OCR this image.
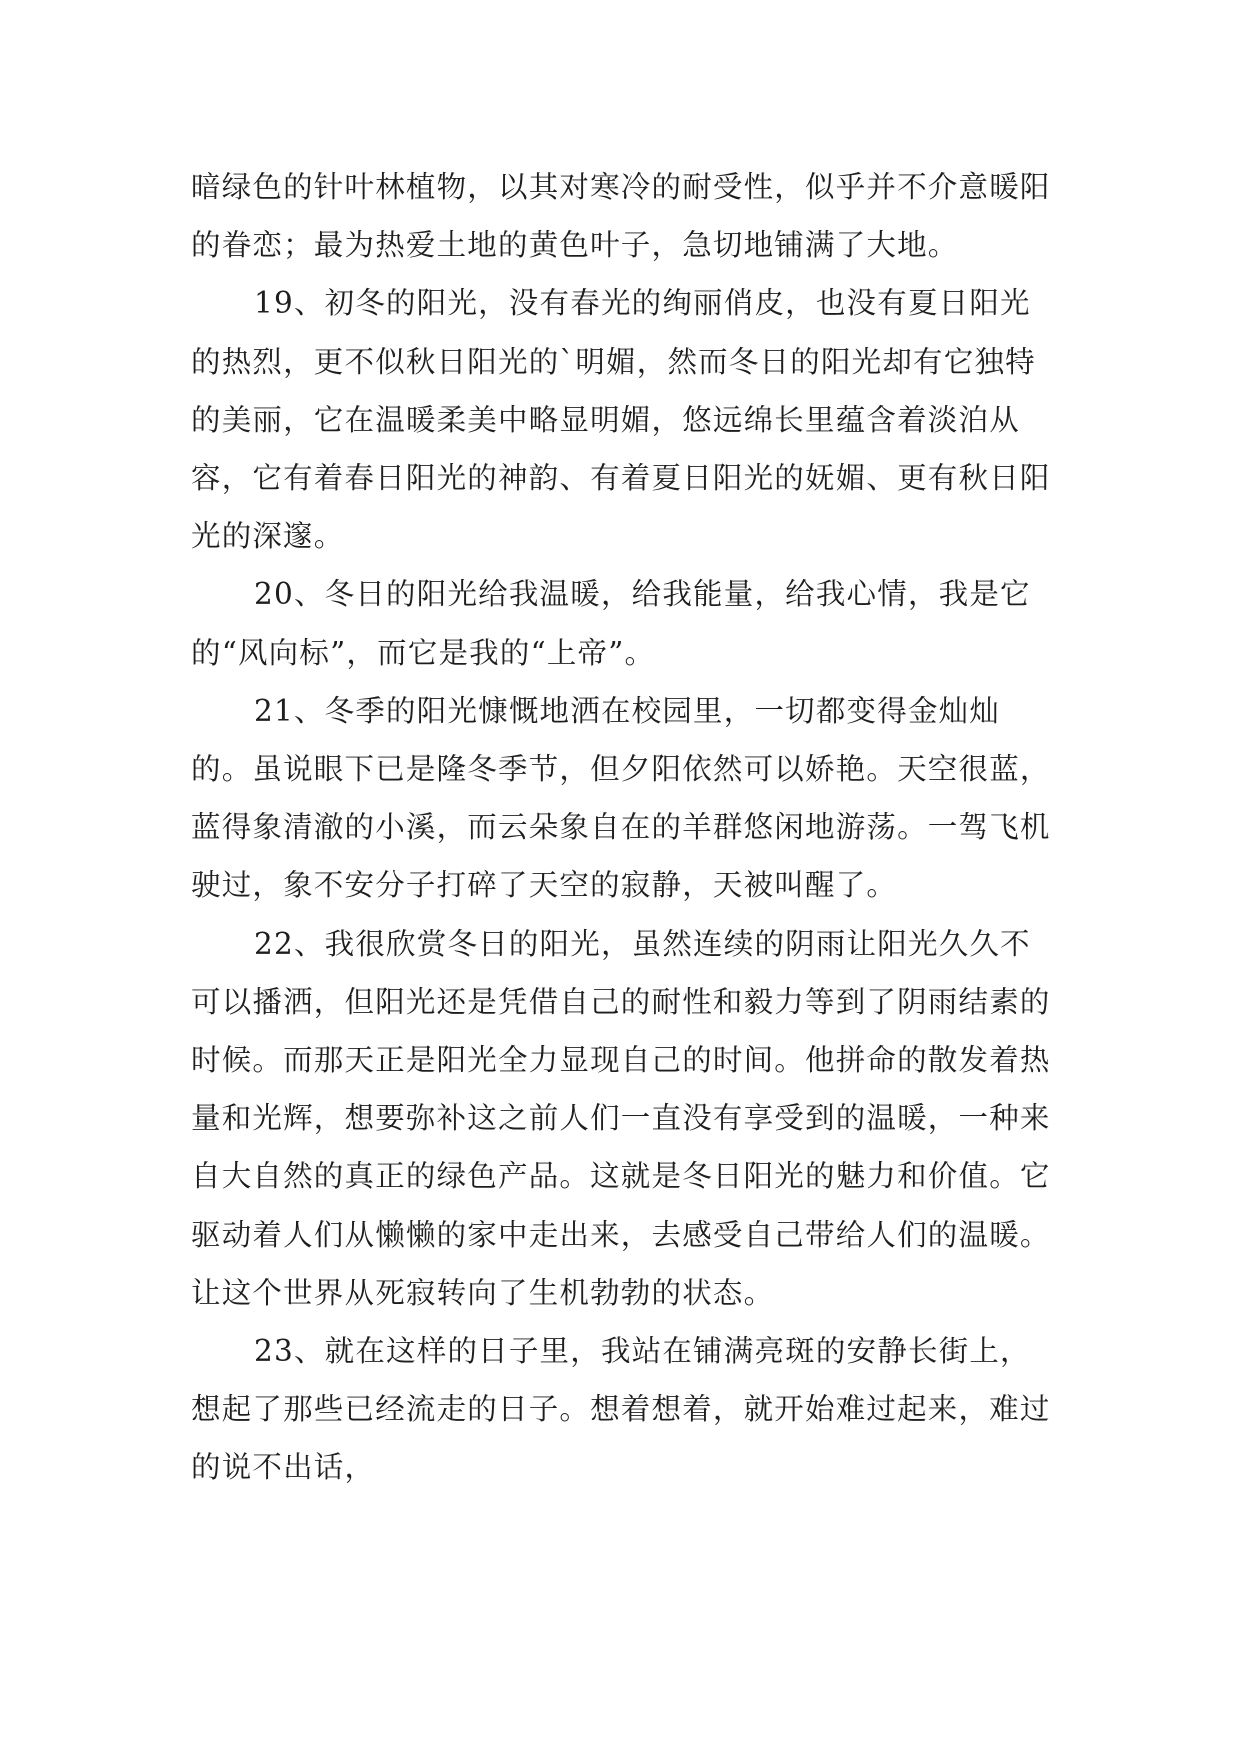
暗绿色的针叶林植物，以其对寒冷的耐受性，似乎并不介意暖阳的眷恋；最为热爱土地的黄色叶子，急切地铺满了大地。

19、初冬的阳光，没有春光的绚丽俏皮，也没有夏日阳光的热烈，更不似秋日阳光的`明媚，然而冬日的阳光却有它独特的美丽，它在温暖柔美中略显明媚，悠远绵长里蕴含着淡泊从容，它有着春日阳光的神韵、有着夏日阳光的妩媚、更有秋日阳光的深邃。

20、冬日的阳光给我温暖，给我能量，给我心情，我是它的“风向标”，而它是我的“上帝”。

21、冬季的阳光慷慨地洒在校园里，一切都变得金灿灿的。虽说眼下已是隆冬季节，但夕阳依然可以娇艳。天空很蓝，蓝得象清澈的小溪，而云朵象自在的羊群悠闲地游荡。一驾飞机驶过，象不安分子打碎了天空的寂静，天被叫醒了。

22、我很欣赏冬日的阳光，虽然连续的阴雨让阳光久久不可以播洒，但阳光还是凭借自己的耐性和毅力等到了阴雨结素的时候。而那天正是阳光全力显现自己的时间。他拼命的散发着热量和光辉，想要弥补这之前人们一直没有享受到的温暖，一种来自大自然的真正的绿色产品。这就是冬日阳光的魅力和价值。它驱动着人们从懒懒的家中走出来，去感受自己带给人们的温暖。让这个世界从死寂转向了生机勃勃的状态。

23、就在这样的日子里，我站在铺满亮斑的安静长街上，想起了那些已经流走的日子。想着想着，就开始难过起来，难过的说不出话，
